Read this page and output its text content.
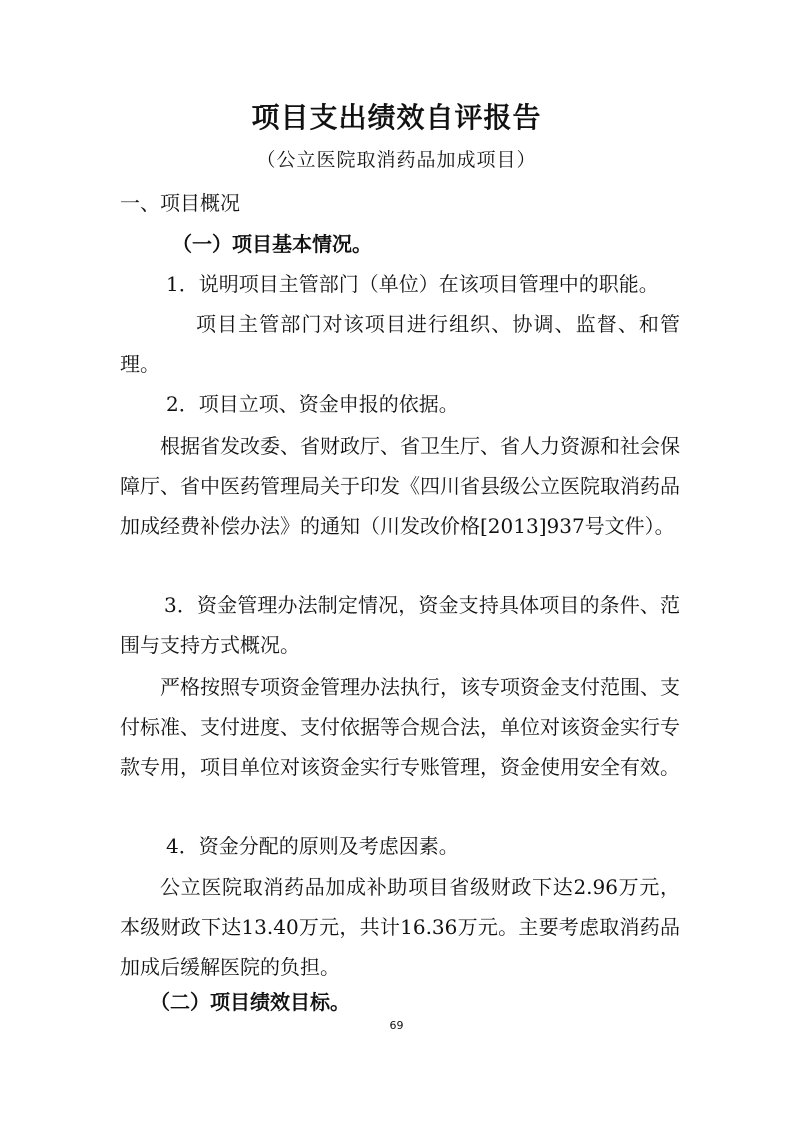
项目支出绩效自评报告

（公立医院取消药品加成项目）

一、项目概况
（一）项目基本情况。

1．说明项目主管部门（单位）在该项目管理中的职能。

项目主管部门对该项目进行组织、协调、监督、和管理。

2．项目立项、资金申报的依据。

根据省发改委、省财政厅、省卫生厅、省人力资源和社会保障厅、省中医药管理局关于印发《四川省县级公立医院取消药品加成经费补偿办法》的通知（川发改价格[2013]937号文件）。

3．资金管理办法制定情况，资金支持具体项目的条件、范围与支持方式概况。

严格按照专项资金管理办法执行，该专项资金支付范围、支付标准、支付进度、支付依据等合规合法，单位对该资金实行专款专用，项目单位对该资金实行专账管理，资金使用安全有效。

4．资金分配的原则及考虑因素。

公立医院取消药品加成补助项目省级财政下达2.96万元，本级财政下达13.40万元，共计16.36万元。主要考虑取消药品加成后缓解医院的负担。

（二）项目绩效目标。
69
